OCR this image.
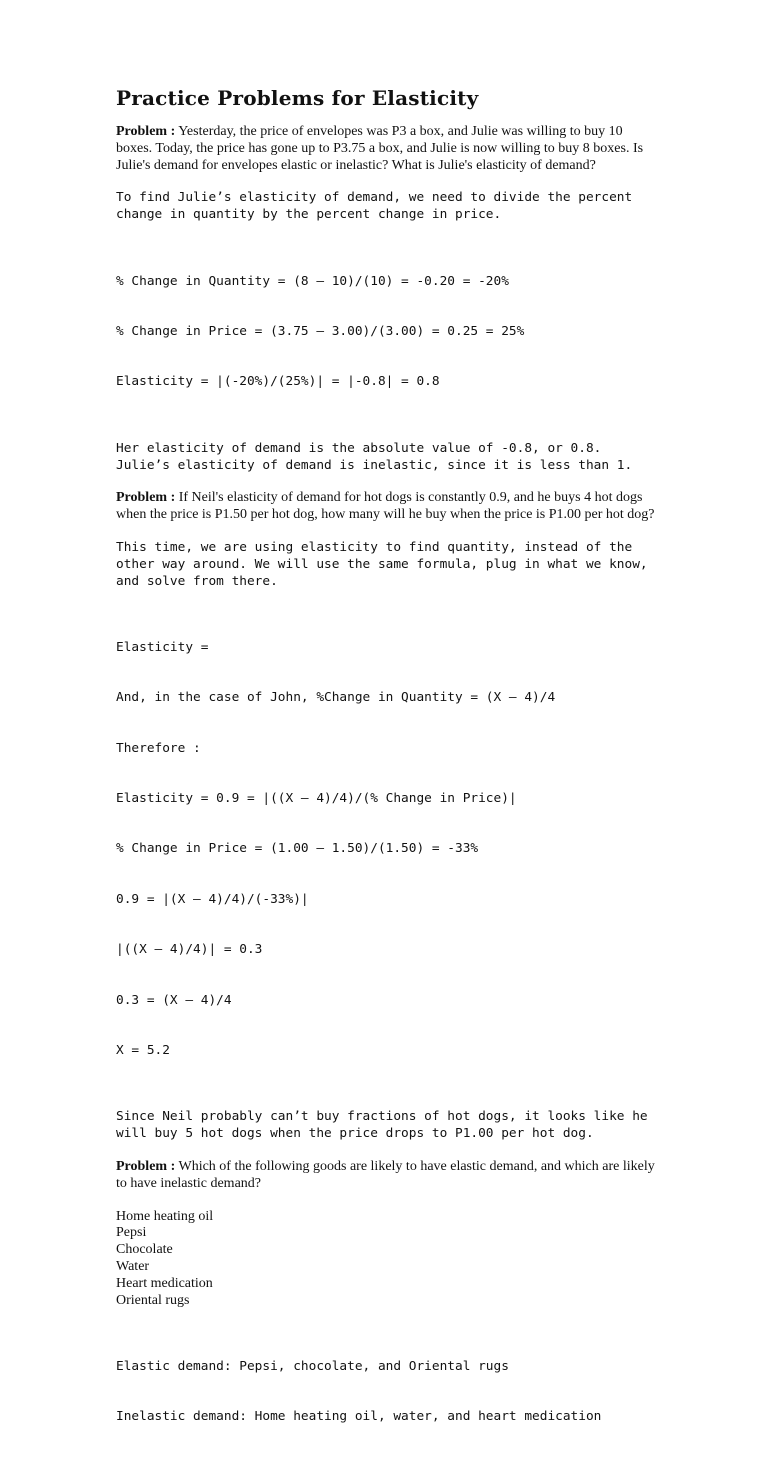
Practice Problems for Elasticity

Problem : Yesterday, the price of envelopes was P3 a box, and Julie was willing to buy 10 boxes. Today, the price has gone up to P3.75 a box, and Julie is now willing to buy 8 boxes. Is Julie's demand for envelopes elastic or inelastic? What is Julie's elasticity of demand?

To find Julie’s elasticity of demand, we need to divide the percent change in quantity by the percent change in price.

% Change in Quantity = (8 – 10)/(10) = -0.20 = -20%

% Change in Price = (3.75 – 3.00)/(3.00) = 0.25 = 25%

Elasticity = |(-20%)/(25%)| = |-0.8| = 0.8

Her elasticity of demand is the absolute value of -0.8, or 0.8. Julie’s elasticity of demand is inelastic, since it is less than 1.

Problem : If Neil's elasticity of demand for hot dogs is constantly 0.9, and he buys 4 hot dogs when the price is P1.50 per hot dog, how many will he buy when the price is P1.00 per hot dog?

This time, we are using elasticity to find quantity, instead of the other way around. We will use the same formula, plug in what we know, and solve from there.

Elasticity =

And, in the case of John, %Change in Quantity = (X – 4)/4

Therefore :

Elasticity = 0.9 = |((X – 4)/4)/(% Change in Price)|

% Change in Price = (1.00 – 1.50)/(1.50) = -33%

0.9 = |(X – 4)/4)/(-33%)|

|((X – 4)/4)| = 0.3

0.3 = (X – 4)/4

X = 5.2

Since Neil probably can’t buy fractions of hot dogs, it looks like he will buy 5 hot dogs when the price drops to P1.00 per hot dog.

Problem : Which of the following goods are likely to have elastic demand, and which are likely to have inelastic demand?

Home heating oil
Pepsi
Chocolate
Water
Heart medication
Oriental rugs

Elastic demand: Pepsi, chocolate, and Oriental rugs

Inelastic demand: Home heating oil, water, and heart medication
